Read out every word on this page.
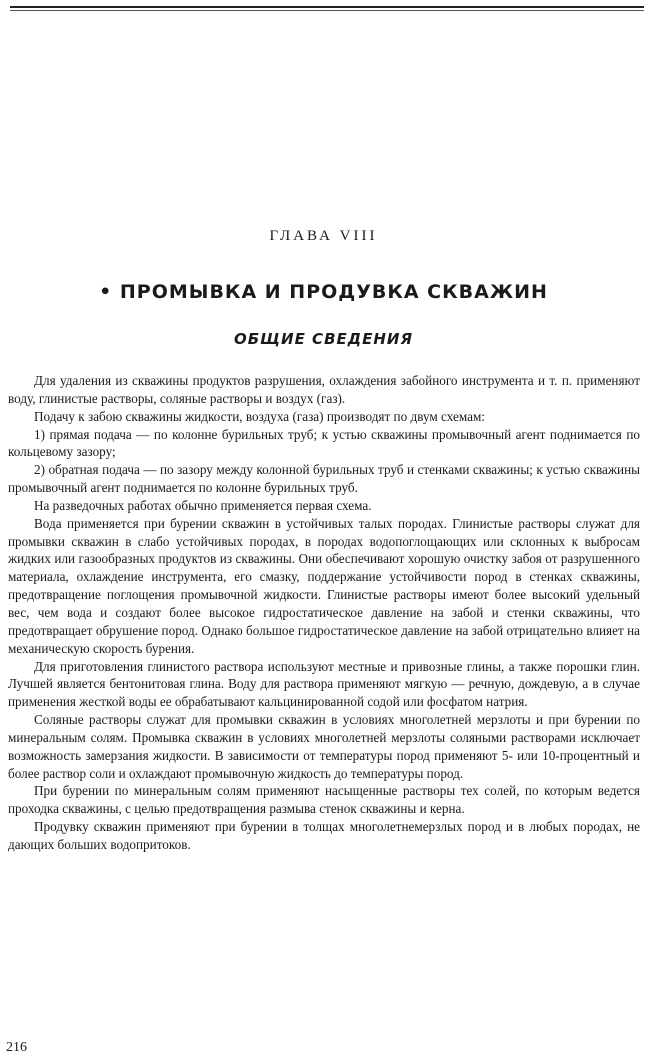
ГЛАВА VIII
• ПРОМЫВКА И ПРОДУВКА СКВАЖИН
ОБЩИЕ СВЕДЕНИЯ

Для удаления из скважины продуктов разрушения, охлаждения забойного инструмента и т. п. применяют воду, глинистые растворы, соляные растворы и воздух (газ).

Подачу к забою скважины жидкости, воздуха (газа) производят по двум схемам:

1) прямая подача — по колонне бурильных труб; к устью скважины промывочный агент поднимается по кольцевому зазору;

2) обратная подача — по зазору между колонной бурильных труб и стенками скважины; к устью скважины промывочный агент поднимается по колонне бурильных труб.

На разведочных работах обычно применяется первая схема.

Вода применяется при бурении скважин в устойчивых талых породах. Глинистые растворы служат для промывки скважин в слабо устойчивых породах, в породах водопоглощающих или склонных к выбросам жидких или газообразных продуктов из скважины. Они обеспечивают хорошую очистку забоя от разрушенного материала, охлаждение инструмента, его смазку, поддержание устойчивости пород в стенках скважины, предотвращение поглощения промывочной жидкости. Глинистые растворы имеют более высокий удельный вес, чем вода и создают более высокое гидростатическое давление на забой и стенки скважины, что предотвращает обрушение пород. Однако большое гидростатическое давление на забой отрицательно влияет на механическую скорость бурения.

Для приготовления глинистого раствора используют местные и привозные глины, а также порошки глин. Лучшей является бентонитовая глина. Воду для раствора применяют мягкую — речную, дождевую, а в случае применения жесткой воды ее обрабатывают кальцинированной содой или фосфатом натрия.

Соляные растворы служат для промывки скважин в условиях многолетней мерзлоты и при бурении по минеральным солям. Промывка скважин в условиях многолетней мерзлоты соляными растворами исключает возможность замерзания жидкости. В зависимости от температуры пород применяют 5- или 10-процентный и более раствор соли и охлаждают промывочную жидкость до температуры пород.

При бурении по минеральным солям применяют насыщенные растворы тех солей, по которым ведется проходка скважины, с целью предотвращения размыва стенок скважины и керна.

Продувку скважин применяют при бурении в толщах многолетнемерзлых пород и в любых породах, не дающих больших водопритоков.

216
